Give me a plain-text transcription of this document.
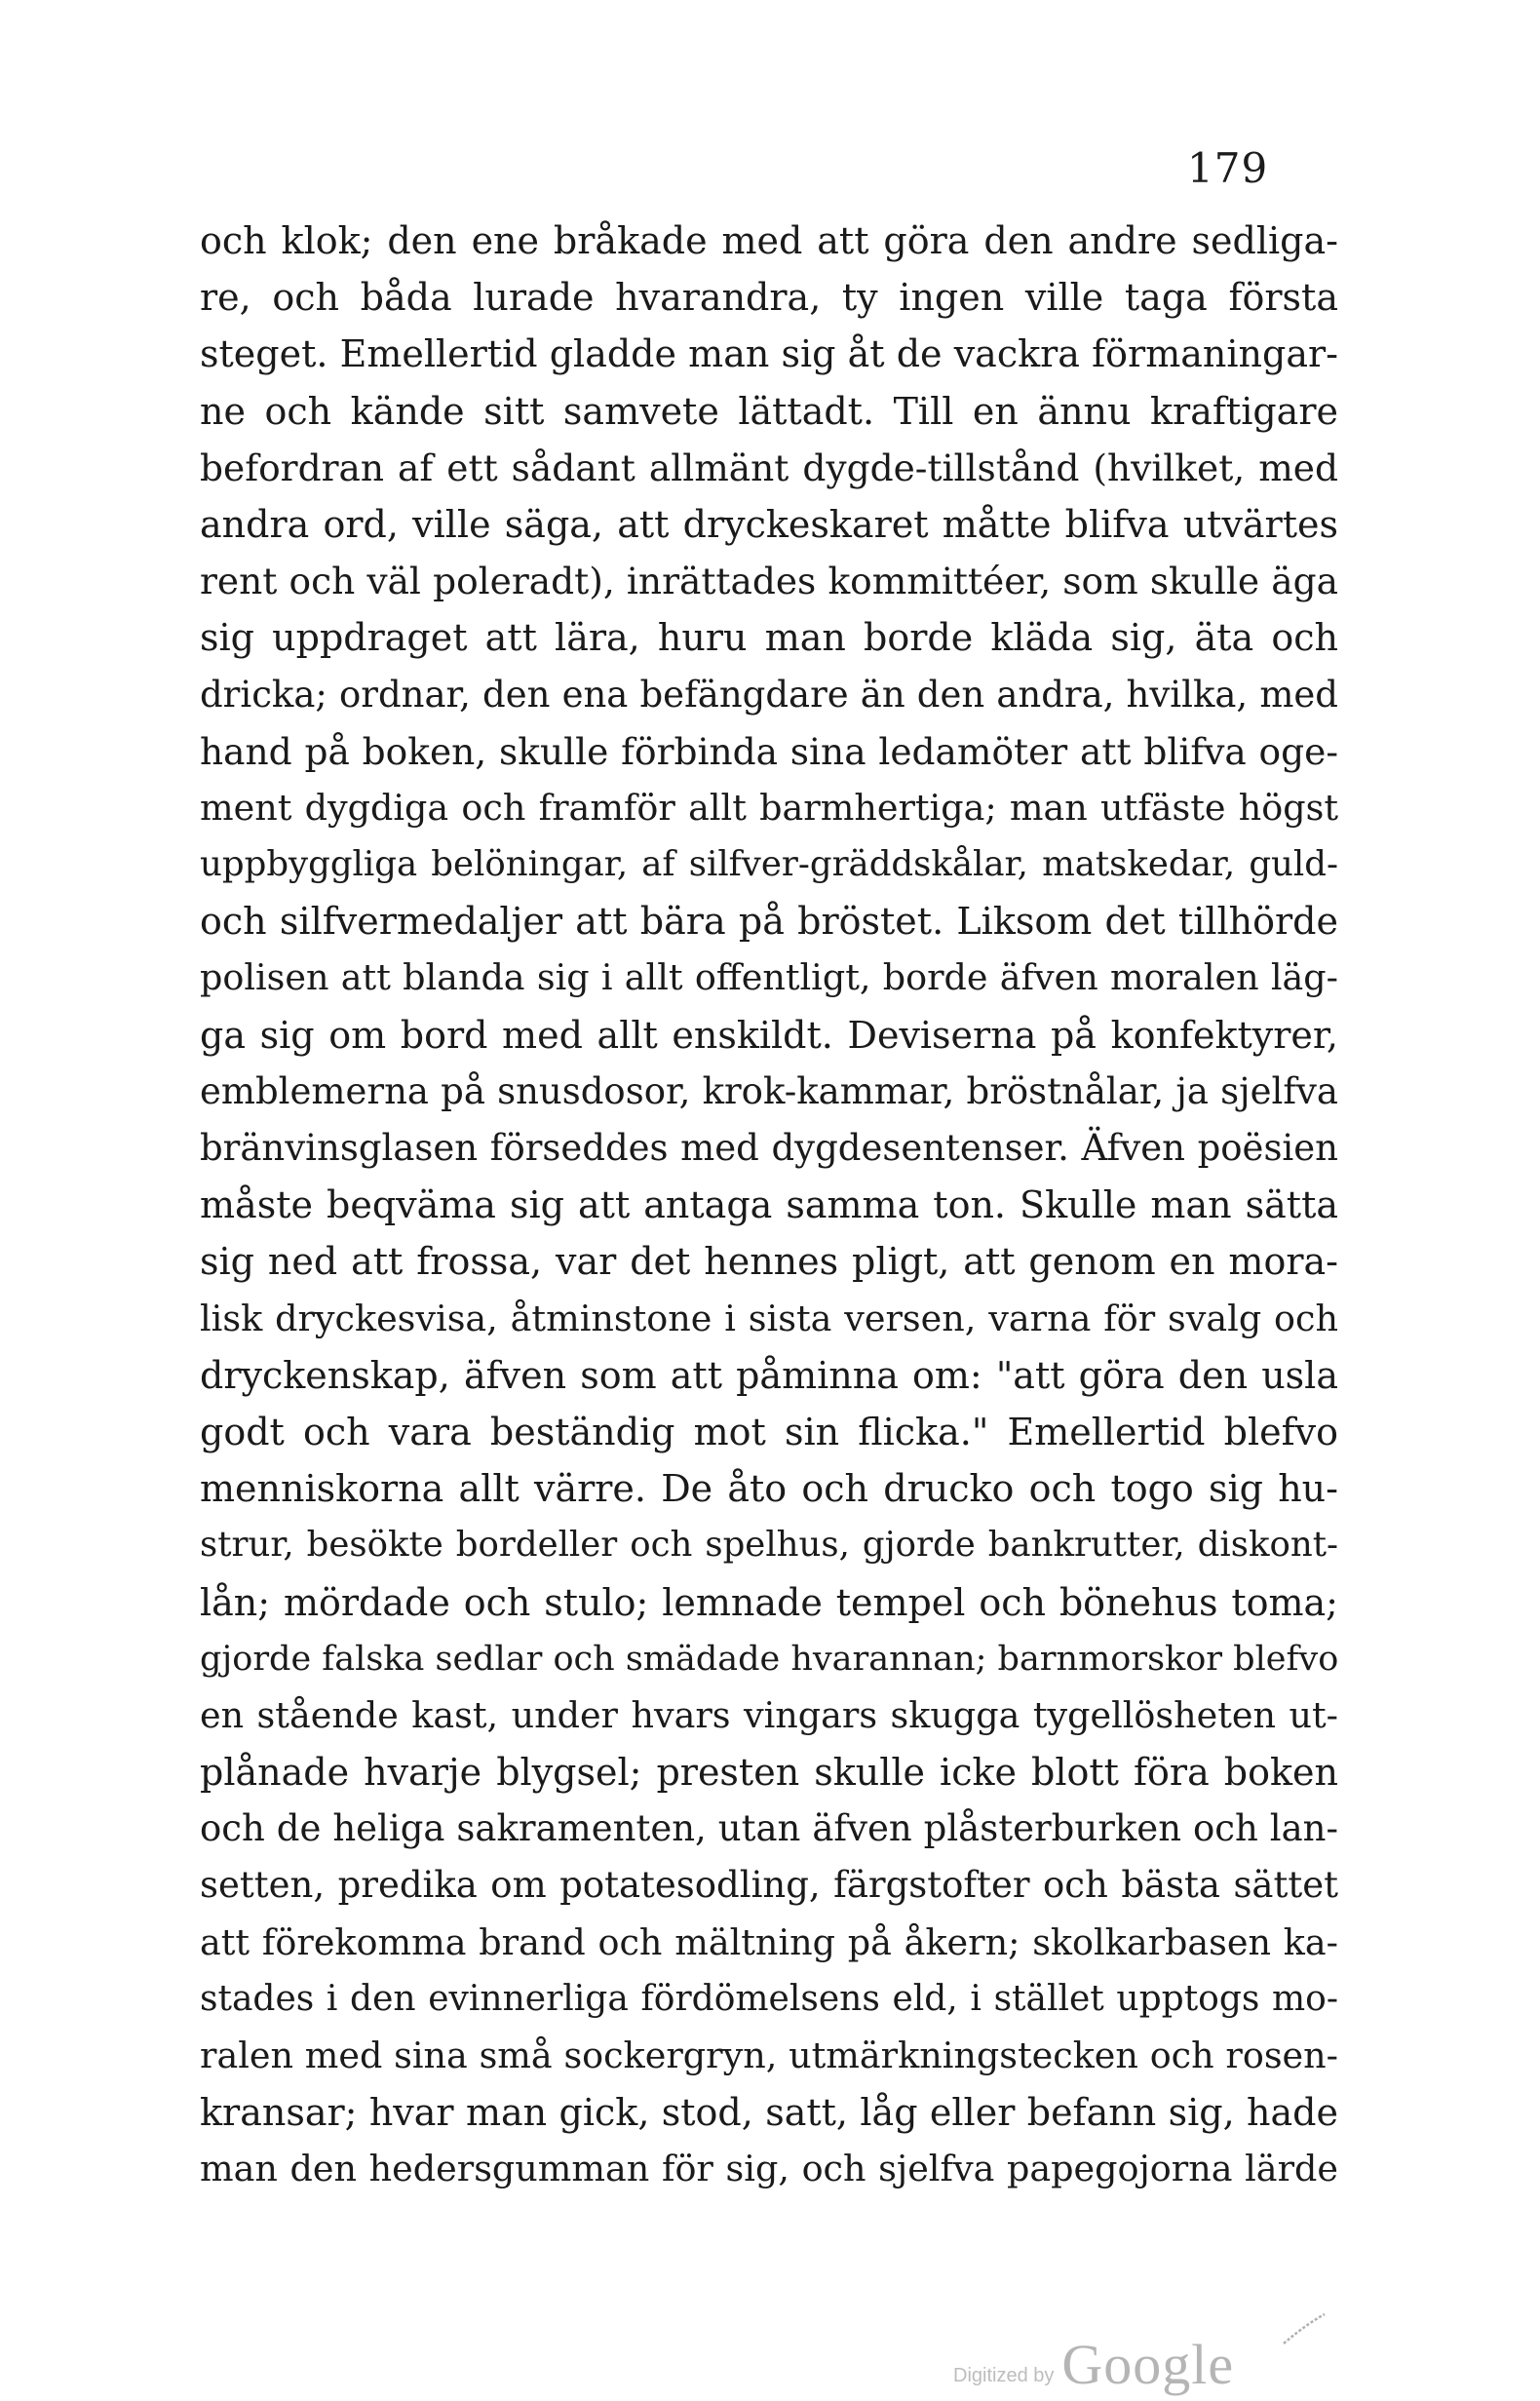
179
och klok; den ene bråkade med att göra den andre sedliga-
re, och båda lurade hvarandra, ty ingen ville taga första
steget. Emellertid gladde man sig åt de vackra förmaningar-
ne och kände sitt samvete lättadt. Till en ännu kraftigare
befordran af ett sådant allmänt dygde-tillstånd (hvilket, med
andra ord, ville säga, att dryckeskaret måtte blifva utvärtes
rent och väl poleradt), inrättades kommittéer, som skulle äga
sig uppdraget att lära, huru man borde kläda sig, äta och
dricka; ordnar, den ena befängdare än den andra, hvilka, med
hand på boken, skulle förbinda sina ledamöter att blifva oge-
ment dygdiga och framför allt barmhertiga; man utfäste högst
uppbyggliga belöningar, af silfver-gräddskålar, matskedar, guld-
och silfvermedaljer att bära på bröstet. Liksom det tillhörde
polisen att blanda sig i allt offentligt, borde äfven moralen läg-
ga sig om bord med allt enskildt. Deviserna på konfektyrer,
emblemerna på snusdosor, krok-kammar, bröstnålar, ja sjelfva
bränvinsglasen förseddes med dygdesentenser. Äfven poësien
måste beqväma sig att antaga samma ton. Skulle man sätta
sig ned att frossa, var det hennes pligt, att genom en mora-
lisk dryckesvisa, åtminstone i sista versen, varna för svalg och
dryckenskap, äfven som att påminna om: "att göra den usla
godt och vara beständig mot sin flicka." Emellertid blefvo
menniskorna allt värre. De åto och drucko och togo sig hu-
strur, besökte bordeller och spelhus, gjorde bankrutter, diskont-
lån; mördade och stulo; lemnade tempel och bönehus toma;
gjorde falska sedlar och smädade hvarannan; barnmorskor blefvo
en stående kast, under hvars vingars skugga tygellösheten ut-
plånade hvarje blygsel; presten skulle icke blott föra boken
och de heliga sakramenten, utan äfven plåsterburken och lan-
setten, predika om potatesodling, färgstofter och bästa sättet
att förekomma brand och mältning på åkern; skolkarbasen ka-
stades i den evinnerliga fördömelsens eld, i stället upptogs mo-
ralen med sina små sockergryn, utmärkningstecken och rosen-
kransar; hvar man gick, stod, satt, låg eller befann sig, hade
man den hedersgumman för sig, och sjelfva papegojorna lärde
Digitized by Google
